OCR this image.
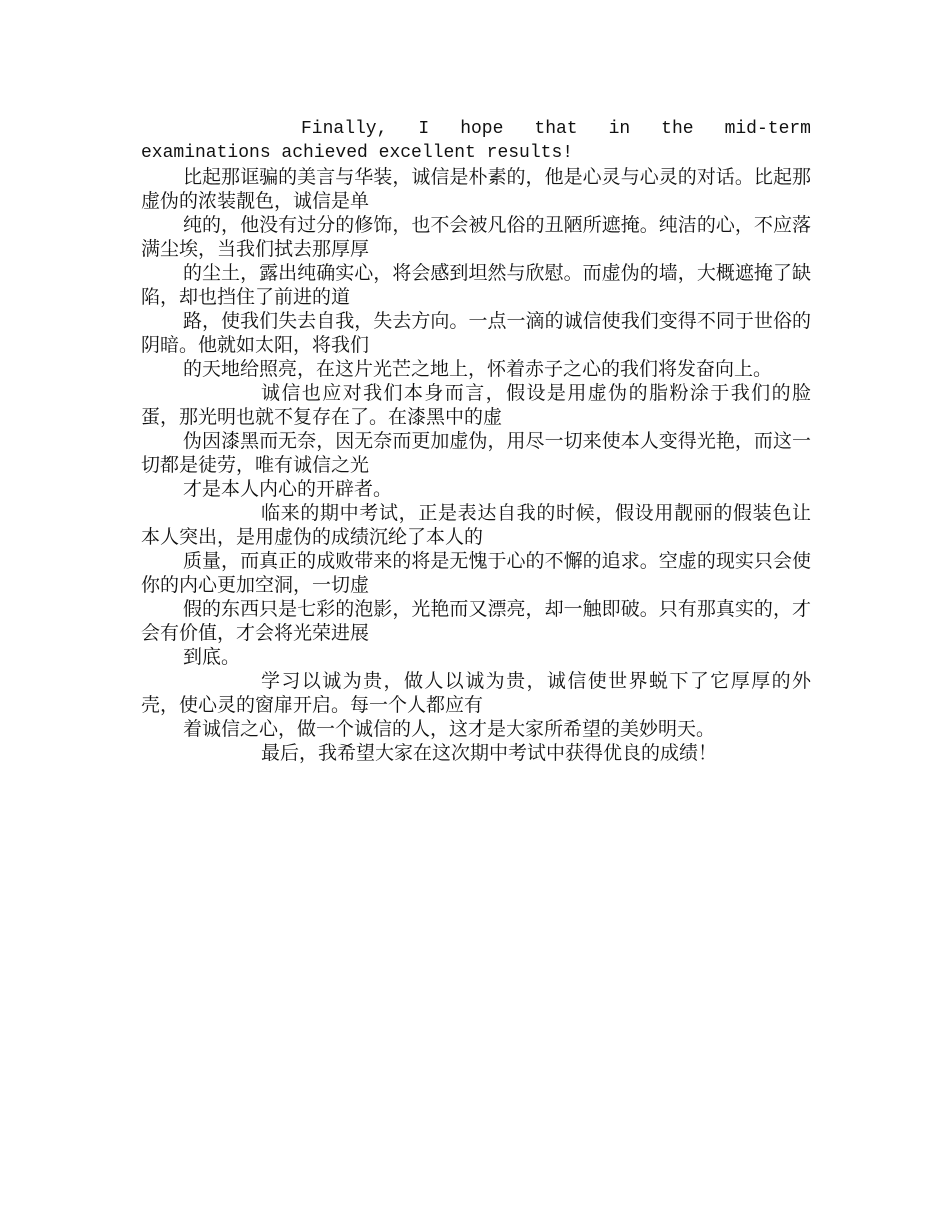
Finally, I hope that in the mid-term examinations achieved excellent results!

比起那诓骗的美言与华装，诚信是朴素的，他是心灵与心灵的对话。比起那虚伪的浓装靓色，诚信是单

纯的，他没有过分的修饰，也不会被凡俗的丑陋所遮掩。纯洁的心，不应落满尘埃，当我们拭去那厚厚

的尘土，露出纯确实心，将会感到坦然与欣慰。而虚伪的墙，大概遮掩了缺陷，却也挡住了前进的道

路，使我们失去自我，失去方向。一点一滴的诚信使我们变得不同于世俗的阴暗。他就如太阳，将我们

的天地给照亮，在这片光芒之地上，怀着赤子之心的我们将发奋向上。

诚信也应对我们本身而言，假设是用虚伪的脂粉涂于我们的脸蛋，那光明也就不复存在了。在漆黑中的虚

伪因漆黑而无奈，因无奈而更加虚伪，用尽一切来使本人变得光艳，而这一切都是徒劳，唯有诚信之光

才是本人内心的开辟者。

临来的期中考试，正是表达自我的时候，假设用靓丽的假装色让本人突出，是用虚伪的成绩沉纶了本人的

质量，而真正的成败带来的将是无愧于心的不懈的追求。空虚的现实只会使你的内心更加空洞，一切虚

假的东西只是七彩的泡影，光艳而又漂亮，却一触即破。只有那真实的，才会有价值，才会将光荣进展

到底。

学习以诚为贵，做人以诚为贵，诚信使世界蜕下了它厚厚的外壳，使心灵的窗扉开启。每一个人都应有

着诚信之心，做一个诚信的人，这才是大家所希望的美妙明天。

最后，我希望大家在这次期中考试中获得优良的成绩！
